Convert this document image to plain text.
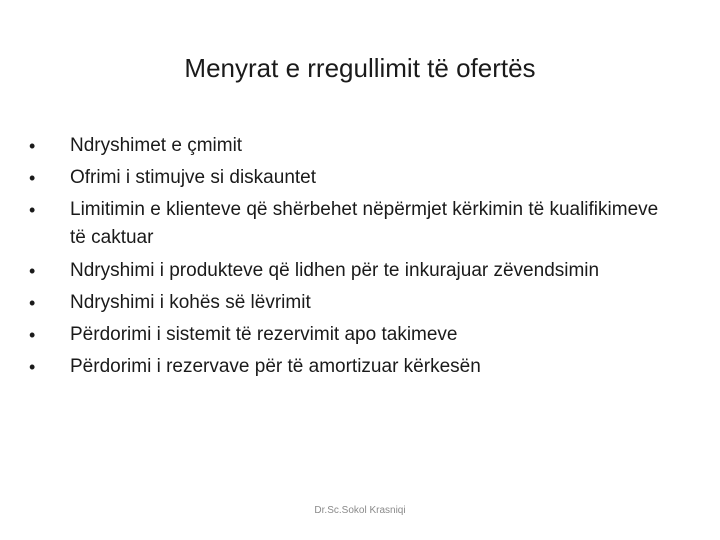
Menyrat e rregullimit të ofertës
• Ndryshimet e çmimit
• Ofrimi i stimujve si diskauntet
• Limitimin e klienteve që shërbehet nëpërmjet kërkimin të kualifikimeve të caktuar
• Ndryshimi i produkteve që lidhen për te inkurajuar zëvendsimin
• Ndryshimi i kohës së lëvrimit
• Përdorimi i sistemit të rezervimit apo takimeve
• Përdorimi i rezervave për të amortizuar kërkesën
Dr.Sc.Sokol Krasniqi
